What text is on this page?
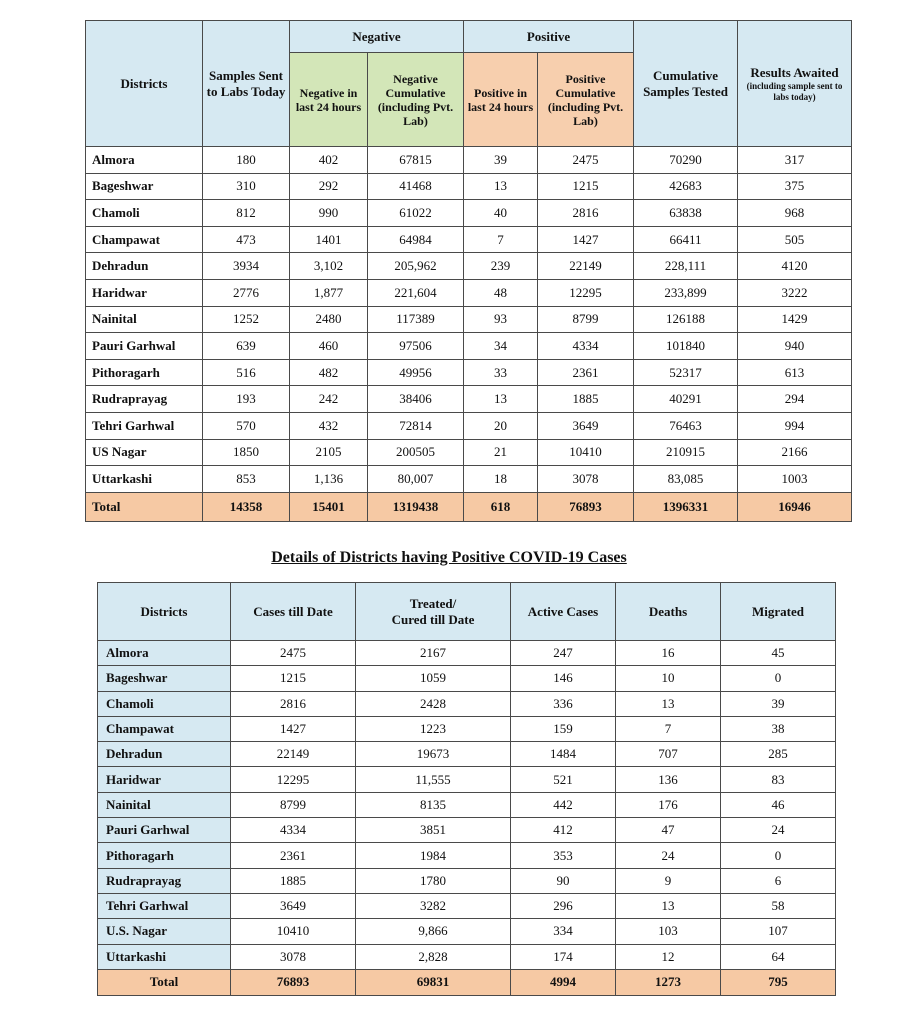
Districts	Samples Sent to Labs Today	Negative		Positive		Cumulative Samples Tested	Results Awaited
(including sample sent to labs today)

		Negative in last 24 hours	Negative Cumulative (including Pvt. Lab)	Positive in last 24 hours	Positive Cumulative (including Pvt. Lab)		
Almora	180	402	67815	39	2475	70290	317
Bageshwar	310	292	41468	13	1215	42683	375
Chamoli	812	990	61022	40	2816	63838	968
Champawat	473	1401	64984	7	1427	66411	505
Dehradun	3934	3,102	205,962	239	22149	228,111	4120
Haridwar	2776	1,877	221,604	48	12295	233,899	3222
Nainital	1252	2480	117389	93	8799	126188	1429
Pauri Garhwal	639	460	97506	34	4334	101840	940
Pithoragarh	516	482	49956	33	2361	52317	613
Rudraprayag	193	242	38406	13	1885	40291	294
Tehri Garhwal	570	432	72814	20	3649	76463	994
US Nagar	1850	2105	200505	21	10410	210915	2166
Uttarkashi	853	1,136	80,007	18	3078	83,085	1003
Total	14358	15401	1319438	618	76893	1396331	16946
Details of Districts having Positive COVID-19 Cases
Districts	Cases till Date	Treated/
Cured till Date	Active Cases	Deaths	Migrated
Almora	2475	2167	247	16	45
Bageshwar	1215	1059	146	10	0
Chamoli	2816	2428	336	13	39
Champawat	1427	1223	159	7	38
Dehradun	22149	19673	1484	707	285
Haridwar	12295	11,555	521	136	83
Nainital	8799	8135	442	176	46
Pauri Garhwal	4334	3851	412	47	24
Pithoragarh	2361	1984	353	24	0
Rudraprayag	1885	1780	90	9	6
Tehri Garhwal	3649	3282	296	13	58
U.S. Nagar	10410	9,866	334	103	107
Uttarkashi	3078	2,828	174	12	64
Total	76893	69831	4994	1273	795
